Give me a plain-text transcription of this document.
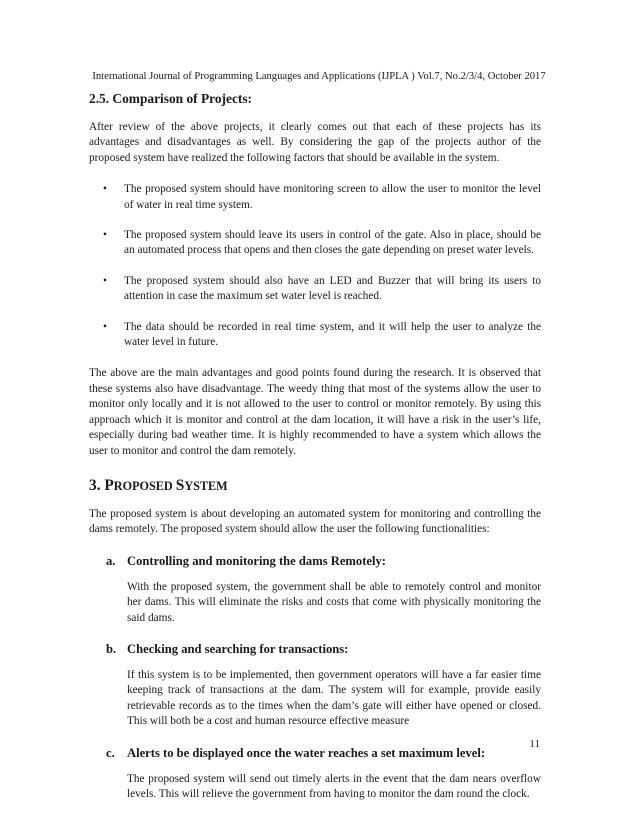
International Journal of Programming Languages and Applications (IJPLA ) Vol.7, No.2/3/4, October 2017
2.5. Comparison of Projects:

After review of the above projects, it clearly comes out that each of these projects has its advantages and disadvantages as well. By considering the gap of the projects author of the proposed system have realized the following factors that should be available in the system.

• The proposed system should have monitoring screen to allow the user to monitor the level of water in real time system.
• The proposed system should leave its users in control of the gate. Also in place, should be an automated process that opens and then closes the gate depending on preset water levels.
• The proposed system should also have an LED and Buzzer that will bring its users to attention in case the maximum set water level is reached.
• The data should be recorded in real time system, and it will help the user to analyze the water level in future.

The above are the main advantages and good points found during the research. It is observed that these systems also have disadvantage. The weedy thing that most of the systems allow the user to monitor only locally and it is not allowed to the user to control or monitor remotely. By using this approach which it is monitor and control at the dam location, it will have a risk in the user’s life, especially during bad weather time. It is highly recommended to have a system which allows the user to monitor and control the dam remotely.

3. PROPOSED SYSTEM

The proposed system is about developing an automated system for monitoring and controlling the dams remotely. The proposed system should allow the user the following functionalities:

a. Controlling and monitoring the dams Remotely:
With the proposed system, the government shall be able to remotely control and monitor her dams. This will eliminate the risks and costs that come with physically monitoring the said dams.
b. Checking and searching for transactions:
If this system is to be implemented, then government operators will have a far easier time keeping track of transactions at the dam. The system will for example, provide easily retrievable records as to the times when the dam’s gate will either have opened or closed. This will both be a cost and human resource effective measure
c. Alerts to be displayed once the water reaches a set maximum level:
The proposed system will send out timely alerts in the event that the dam nears overflow levels. This will relieve the government from having to monitor the dam round the clock.
11
